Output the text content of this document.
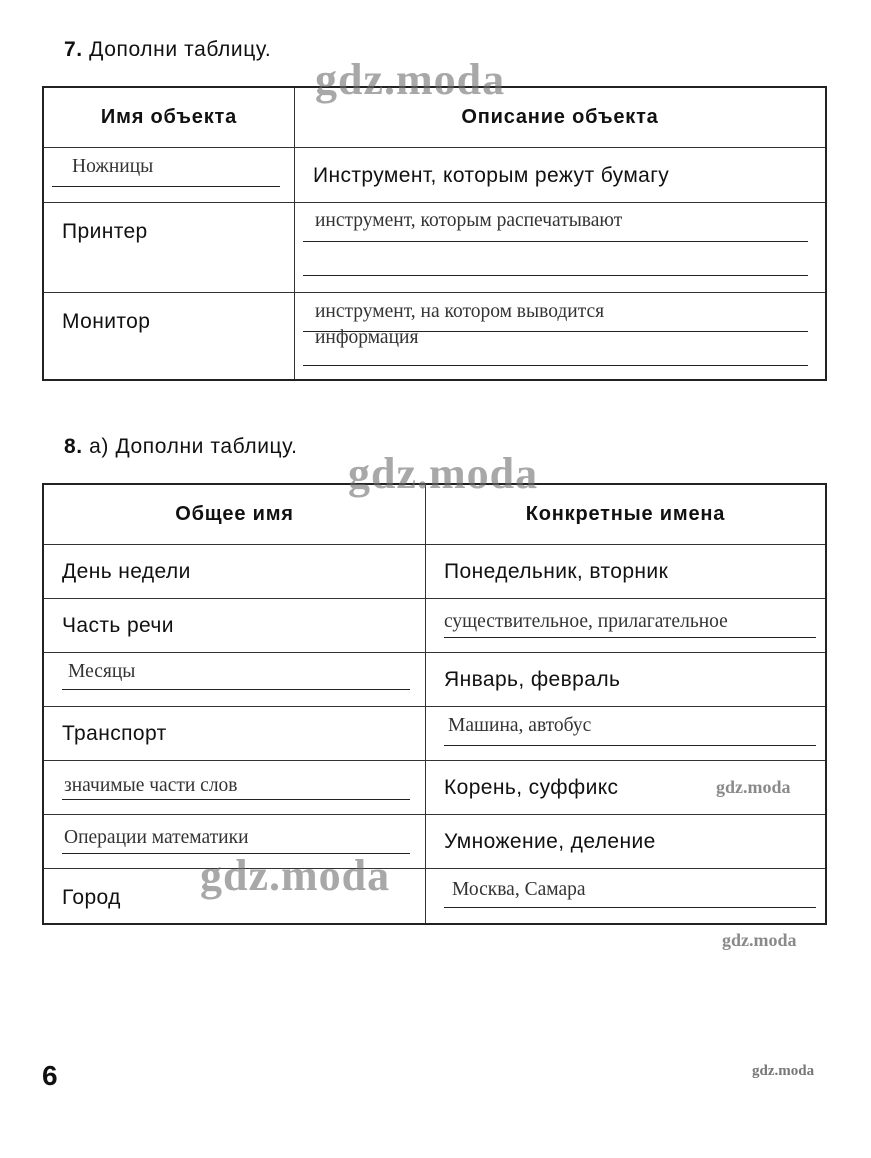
7. Дополни таблицу.
Имя объекта	Описание объекта

Ножницы	Инструмент, которым режут бумагу

Принтер	инструмент, которым распечатывают

Монитор	инструмент, на котором выводится
информация
8. а) Дополни таблицу.
Общее имя	Конкретные имена

День недели	Понедельник, вторник

Часть речи	существительное, прилагательное

Месяцы	Январь, февраль

Транспорт	Машина, автобус

значимые части слов	Корень, суффикс

Операции математики	Умножение, деление

Город	Москва, Самара
gdz.moda
gdz.moda
gdz.moda
gdz.moda
gdz.moda
gdz.moda
6
